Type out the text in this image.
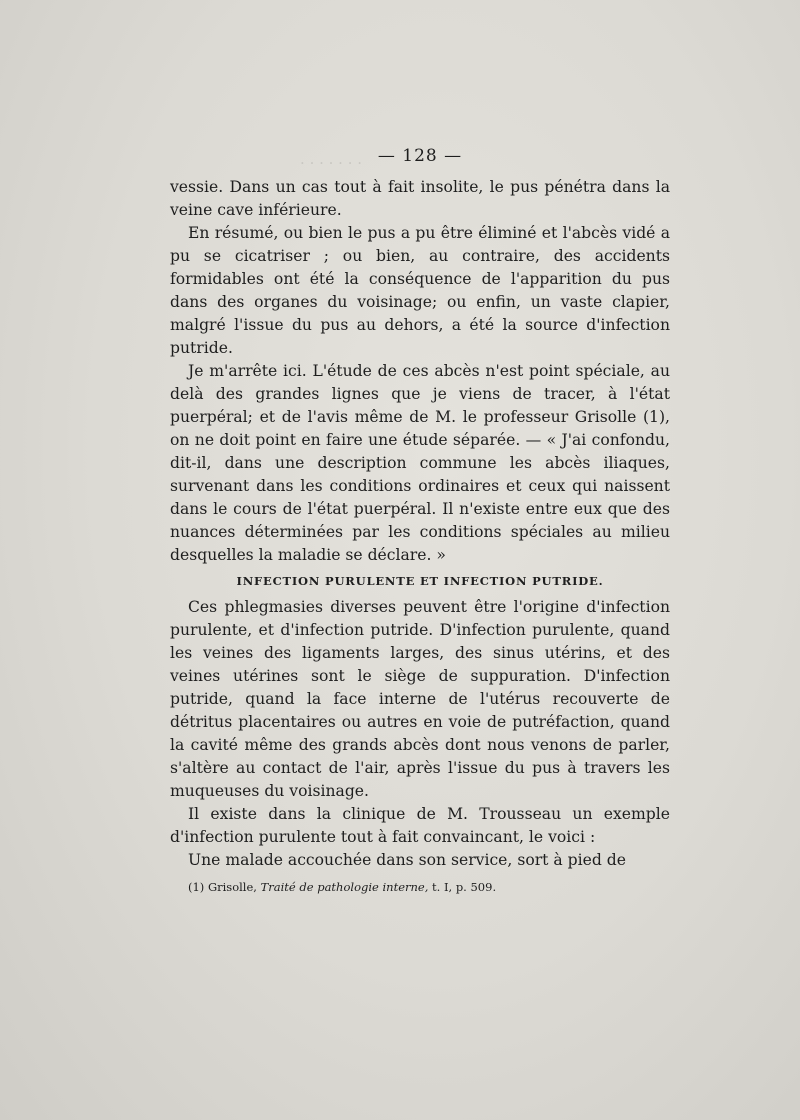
. . . . . . . — 128 —

vessie. Dans un cas tout à fait insolite, le pus pénétra dans la veine cave inférieure.

En résumé, ou bien le pus a pu être éliminé et l'abcès vidé a pu se cicatriser ; ou bien, au contraire, des accidents formidables ont été la conséquence de l'apparition du pus dans des organes du voisinage; ou enfin, un vaste clapier, malgré l'issue du pus au dehors, a été la source d'infection putride.

Je m'arrête ici. L'étude de ces abcès n'est point spéciale, au delà des grandes lignes que je viens de tracer, à l'état puerpéral; et de l'avis même de M. le professeur Grisolle (1), on ne doit point en faire une étude séparée. — « J'ai confondu, dit-il, dans une description commune les abcès iliaques, survenant dans les conditions ordinaires et ceux qui naissent dans le cours de l'état puerpéral. Il n'existe entre eux que des nuances déterminées par les conditions spéciales au milieu desquelles la maladie se déclare. »

INFECTION PURULENTE ET INFECTION PUTRIDE.

Ces phlegmasies diverses peuvent être l'origine d'infection purulente, et d'infection putride. D'infection purulente, quand les veines des ligaments larges, des sinus utérins, et des veines utérines sont le siège de suppuration. D'infection putride, quand la face interne de l'utérus recouverte de détritus placentaires ou autres en voie de putréfaction, quand la cavité même des grands abcès dont nous venons de parler, s'altère au contact de l'air, après l'issue du pus à travers les muqueuses du voisinage.

Il existe dans la clinique de M. Trousseau un exemple d'infection purulente tout à fait convaincant, le voici :

Une malade accouchée dans son service, sort à pied de

(1) Grisolle, Traité de pathologie interne, t. I, p. 509.
